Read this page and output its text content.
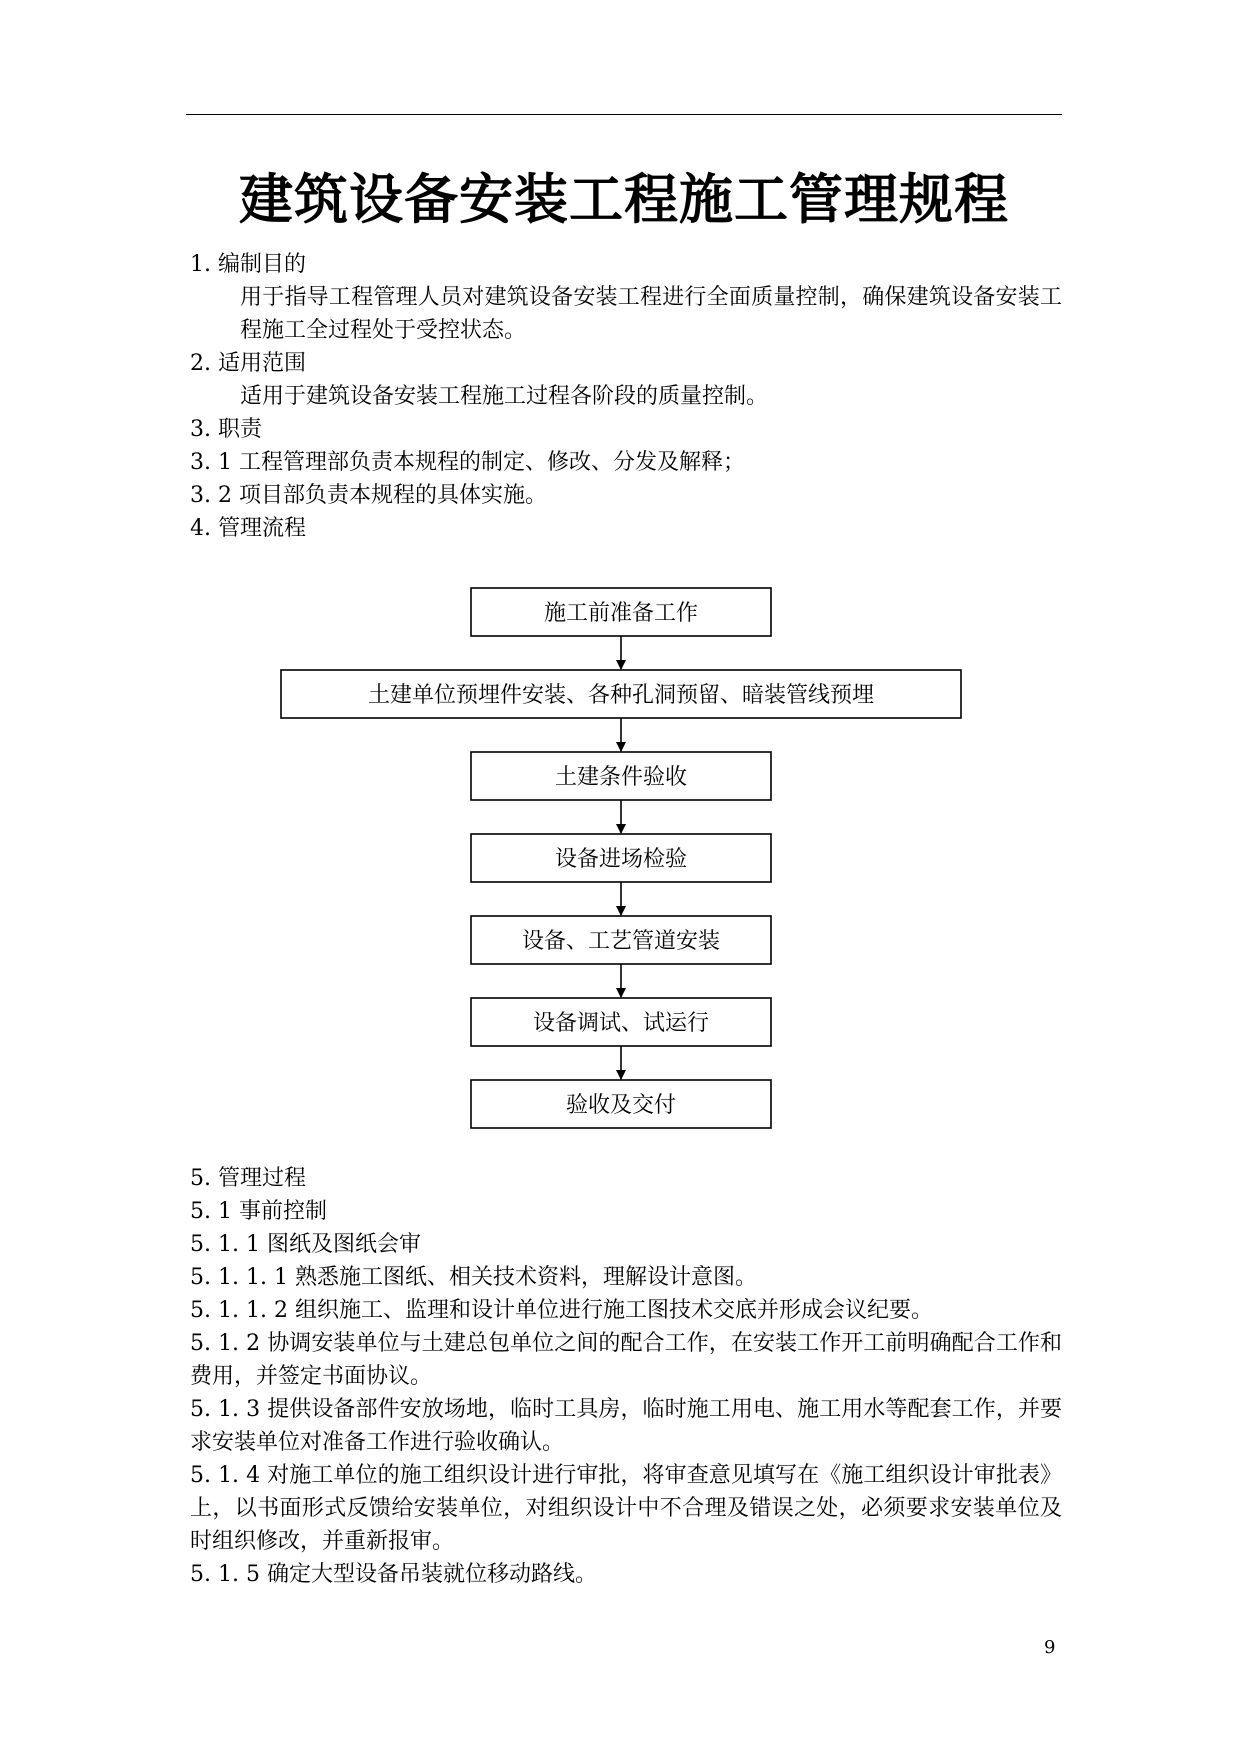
建筑设备安装工程施工管理规程
1. 编制目的
用于指导工程管理人员对建筑设备安装工程进行全面质量控制，确保建筑设备安装工程施工全过程处于受控状态。
2. 适用范围
适用于建筑设备安装工程施工过程各阶段的质量控制。
3. 职责
3. 1 工程管理部负责本规程的制定、修改、分发及解释；
3. 2 项目部负责本规程的具体实施。
4. 管理流程
施工前准备工作
土建单位预埋件安装、各种孔洞预留、暗装管线预埋
土建条件验收
设备进场检验
设备、工艺管道安装
设备调试、试运行
验收及交付
5. 管理过程
5. 1 事前控制
5. 1. 1 图纸及图纸会审
5. 1. 1. 1 熟悉施工图纸、相关技术资料，理解设计意图。
5. 1. 1. 2 组织施工、监理和设计单位进行施工图技术交底并形成会议纪要。
5. 1. 2 协调安装单位与土建总包单位之间的配合工作，在安装工作开工前明确配合工作和费用，并签定书面协议。
5. 1. 3 提供设备部件安放场地，临时工具房，临时施工用电、施工用水等配套工作，并要求安装单位对准备工作进行验收确认。
5. 1. 4 对施工单位的施工组织设计进行审批，将审查意见填写在《施工组织设计审批表》上，以书面形式反馈给安装单位，对组织设计中不合理及错误之处，必须要求安装单位及时组织修改，并重新报审。
5. 1. 5 确定大型设备吊装就位移动路线。
9
